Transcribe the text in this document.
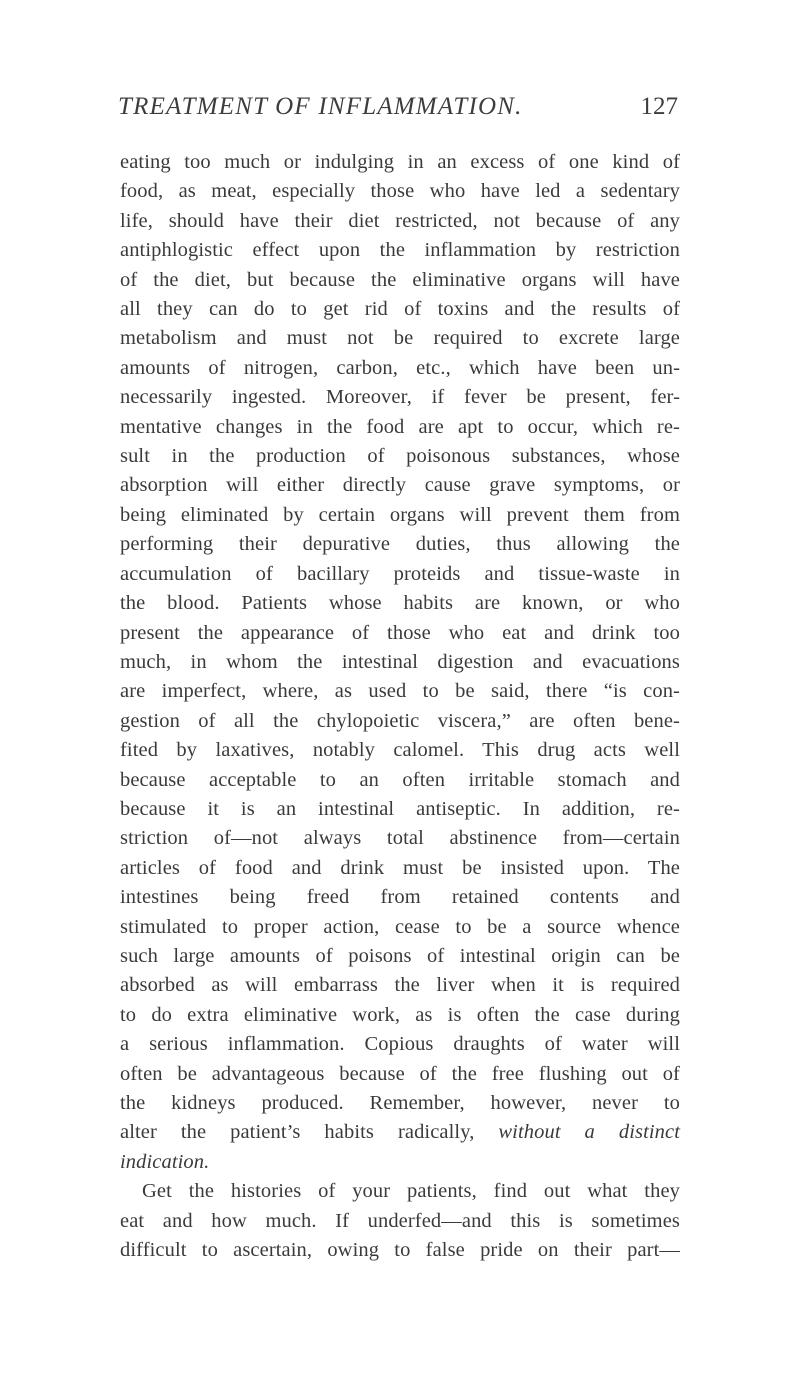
TREATMENT OF INFLAMMATION.	127
eating too much or indulging in an excess of one kind of
food, as meat, especially those who have led a sedentary
life, should have their diet restricted, not because of any
antiphlogistic effect upon the inflammation by restriction
of the diet, but because the eliminative organs will have
all they can do to get rid of toxins and the results of
metabolism and must not be required to excrete large
amounts of nitrogen, carbon, etc., which have been un-
necessarily ingested. Moreover, if fever be present, fer-
mentative changes in the food are apt to occur, which re-
sult in the production of poisonous substances, whose
absorption will either directly cause grave symptoms, or
being eliminated by certain organs will prevent them from
performing their depurative duties, thus allowing the
accumulation of bacillary proteids and tissue-waste in
the blood. Patients whose habits are known, or who
present the appearance of those who eat and drink too
much, in whom the intestinal digestion and evacuations
are imperfect, where, as used to be said, there “is con-
gestion of all the chylopoietic viscera,” are often bene-
fited by laxatives, notably calomel. This drug acts well
because acceptable to an often irritable stomach and
because it is an intestinal antiseptic. In addition, re-
striction of—not always total abstinence from—certain
articles of food and drink must be insisted upon. The
intestines being freed from retained contents and
stimulated to proper action, cease to be a source whence
such large amounts of poisons of intestinal origin can be
absorbed as will embarrass the liver when it is required
to do extra eliminative work, as is often the case during
a serious inflammation. Copious draughts of water will
often be advantageous because of the free flushing out of
the kidneys produced. Remember, however, never to
alter the patient’s habits radically, without a distinct
indication.
Get the histories of your patients, find out what they
eat and how much. If underfed—and this is sometimes
difficult to ascertain, owing to false pride on their part—
